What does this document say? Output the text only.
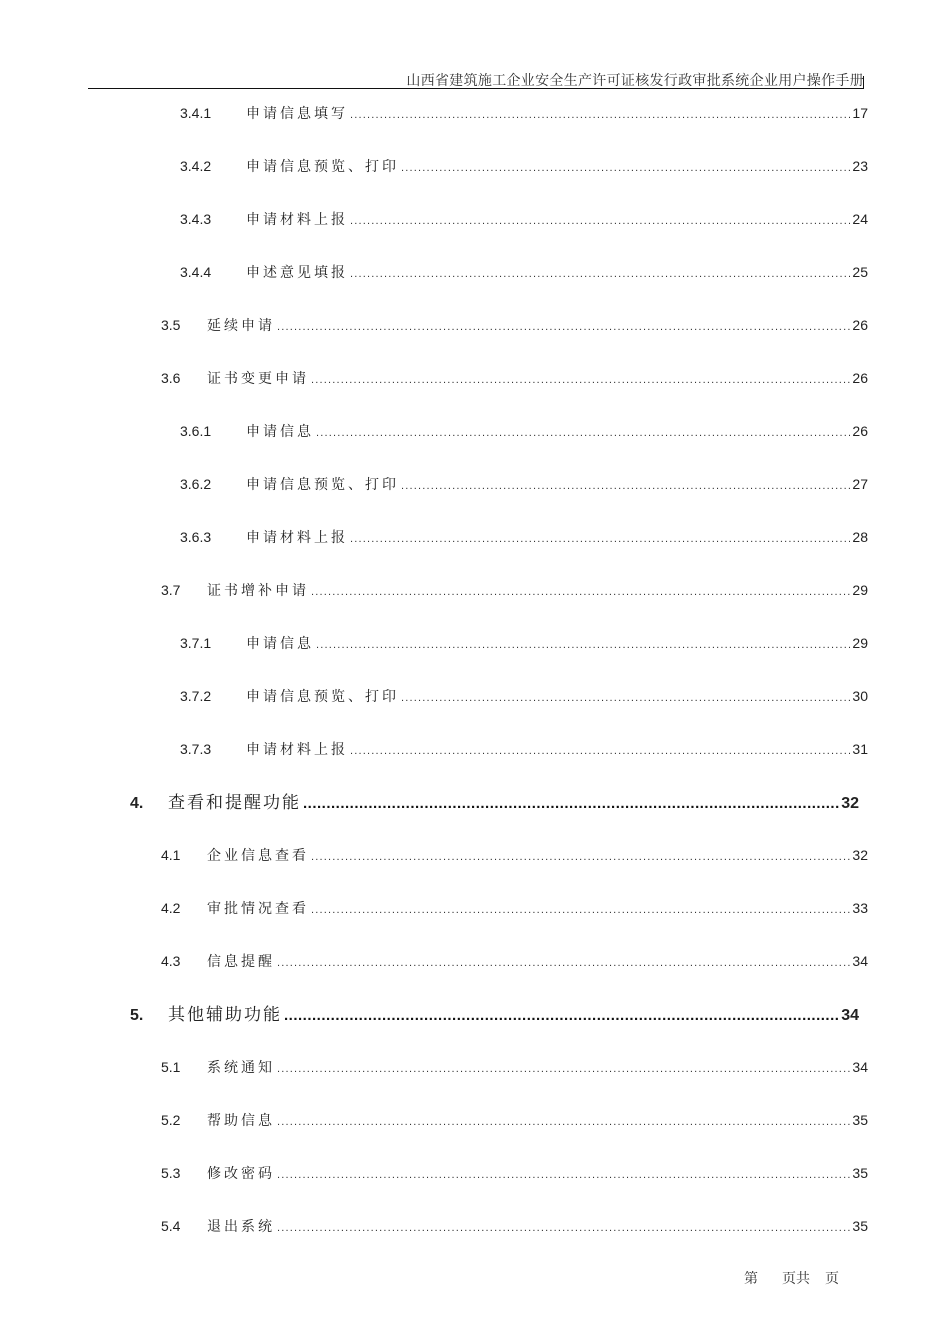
山西省建筑施工企业安全生产许可证核发行政审批系统企业用户操作手册
3.4.1	申请信息填写 .....	17
3.4.2	申请信息预览、打印 .....	23
3.4.3	申请材料上报 .....	24
3.4.4	申述意见填报 .....	25
3.5	延续申请 .....	26
3.6	证书变更申请 .....	26
3.6.1	申请信息 .....	26
3.6.2	申请信息预览、打印 .....	27
3.6.3	申请材料上报 .....	28
3.7	证书增补申请 .....	29
3.7.1	申请信息 .....	29
3.7.2	申请信息预览、打印 .....	30
3.7.3	申请材料上报 .....	31
4.	查看和提醒功能 .....	32
4.1	企业信息查看 .....	32
4.2	审批情况查看 .....	33
4.3	信息提醒 .....	34
5.	其他辅助功能 .....	34
5.1	系统通知 .....	34
5.2	帮助信息 .....	35
5.3	修改密码 .....	35
5.4	退出系统 .....	35
第	页共	页
